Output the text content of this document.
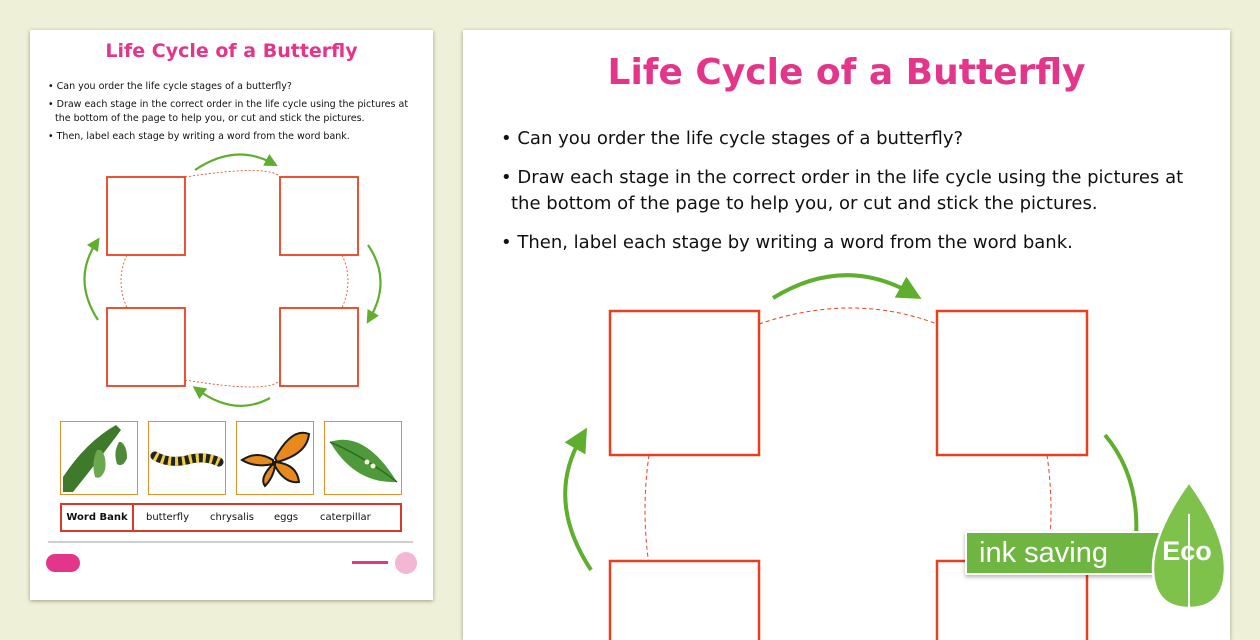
Life Cycle of a Butterfly

• Can you order the life cycle stages of a butterfly?

• Draw each stage in the correct order in the life cycle using the pictures at the bottom of the page to help you, or cut and stick the pictures.

• Then, label each stage by writing a word from the word bank.

Word Bank	butterfly chrysalis eggs caterpillar
Life Cycle of a Butterfly

• Can you order the life cycle stages of a butterfly?

• Draw each stage in the correct order in the life cycle using the pictures at the bottom of the page to help you, or cut and stick the pictures.

• Then, label each stage by writing a word from the word bank.

ink saving Eco
